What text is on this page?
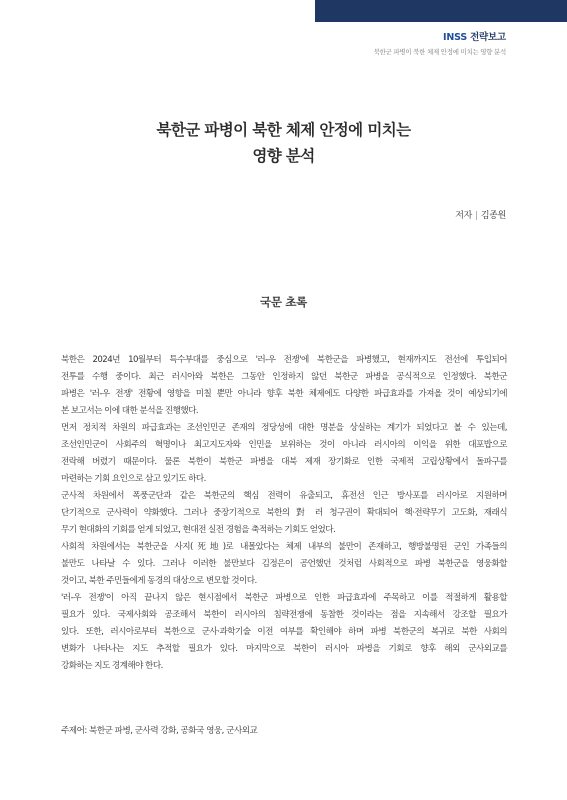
INSS 전략보고
북한군 파병이 북한 체제 안정에 미치는 영향 분석
북한군 파병이 북한 체제 안정에 미치는
영향 분석
저자 | 김종원
국문 초록
북한은 2024년 10월부터 특수부대를 중심으로 '러-우 전쟁'에 북한군을 파병했고, 현재까지도 전선에 투입되어
전투를 수행 중이다. 최근 러시아와 북한은 그동안 인정하지 않던 북한군 파병을 공식적으로 인정했다. 북한군
파병은 '러-우 전쟁' 전황에 영향을 미칠 뿐만 아니라 향후 북한 체제에도 다양한 파급효과를 가져올 것이 예상되기에
본 보고서는 이에 대한 분석을 진행했다.
먼저 정치적 차원의 파급효과는 조선인민군 존재의 정당성에 대한 명분을 상실하는 계기가 되었다고 볼 수 있는데,
조선인민군이 사회주의 혁명이나 최고지도자와 인민을 보위하는 것이 아니라 러시아의 이익을 위한 대포밥으로
전락해 버렸기 때문이다. 물론 북한이 북한군 파병을 대북 제재 장기화로 인한 국제적 고립상황에서 돌파구를
마련하는 기회 요인으로 삼고 있기도 하다.
군사적 차원에서 폭풍군단과 같은 북한군의 핵심 전력이 유출되고, 휴전선 인근 방사포를 러시아로 지원하며
단기적으로 군사력이 약화했다. 그러나 중장기적으로 북한의 對 러 청구권이 확대되어 핵·전략무기 고도화, 재래식
무기 현대화의 기회를 얻게 되었고, 현대전 실전 경험을 축적하는 기회도 얻었다.
사회적 차원에서는 북한군을 사지(死地)로 내몰았다는 체제 내부의 불만이 존재하고, 행방불명된 군인 가족들의
불만도 나타날 수 있다. 그러나 이러한 불만보다 김정은이 공언했던 것처럼 사회적으로 파병 북한군을 영웅화할
것이고, 북한 주민들에게 동경의 대상으로 변모할 것이다.
'러-우 전쟁'이 아직 끝나지 않은 현시점에서 북한군 파병으로 인한 파급효과에 주목하고 이를 적절하게 활용할
필요가 있다. 국제사회와 공조해서 북한이 러시아의 침략전쟁에 동참한 것이라는 점을 지속해서 강조할 필요가
있다. 또한, 러시아로부터 북한으로 군사·과학기술 이전 여부를 확인해야 하며 파병 북한군의 복귀로 북한 사회의
변화가 나타나는 지도 추적할 필요가 있다. 마지막으로 북한이 러시아 파병을 기회로 향후 해외 군사외교를
강화하는 지도 경계해야 한다.
주제어: 북한군 파병, 군사력 강화, 공화국 영웅, 군사외교
